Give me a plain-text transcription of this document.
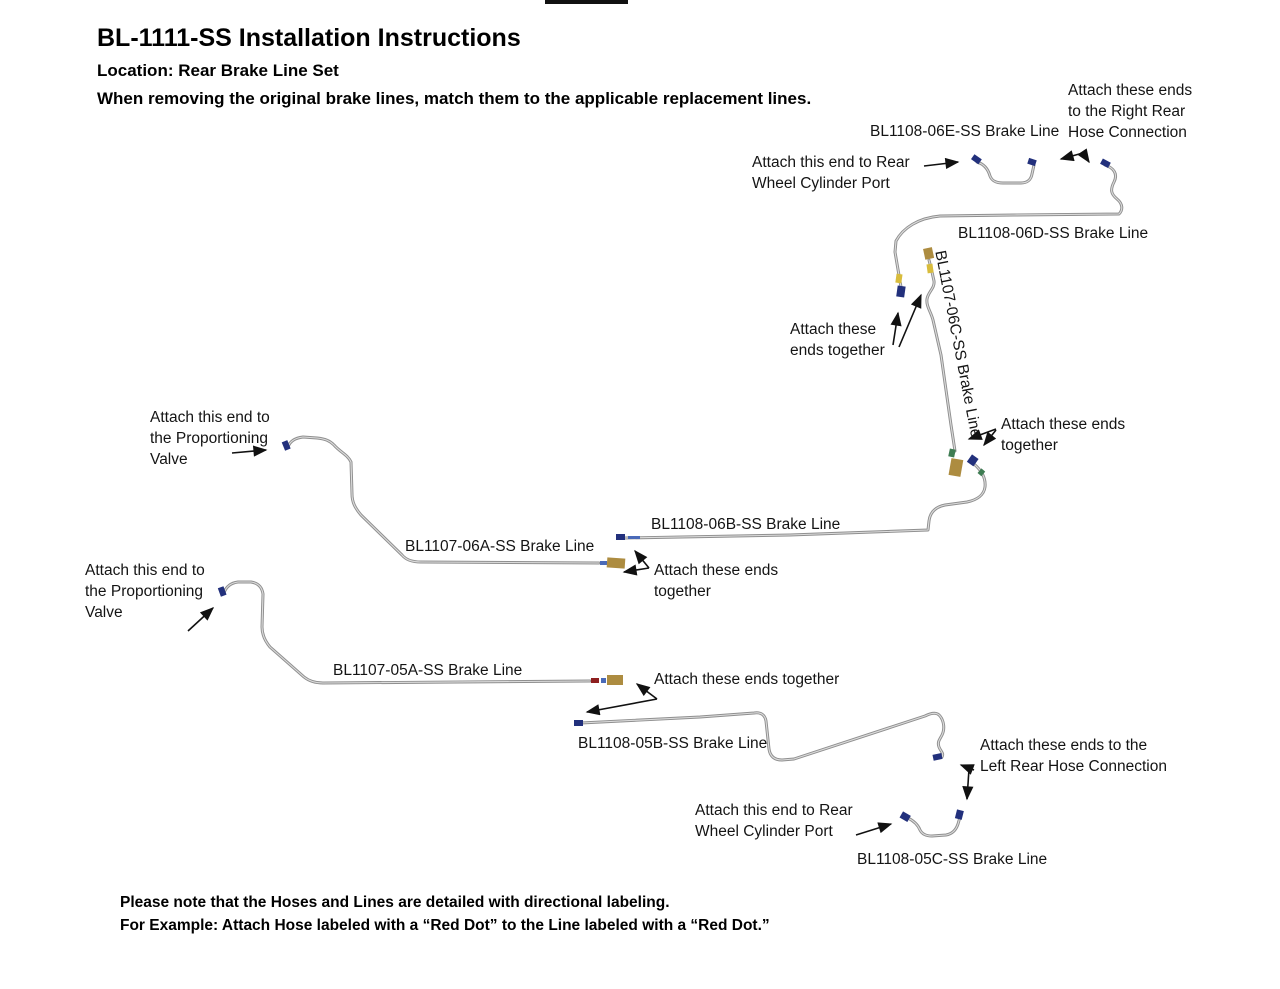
BL-1111-SS Installation Instructions
Location: Rear Brake Line Set
When removing the original brake lines, match them to the applicable replacement lines.
BL1108-06E-SS Brake Line
BL1108-06D-SS Brake Line
BL1107-06C-SS Brake Line
BL1108-06B-SS Brake Line
BL1107-06A-SS Brake Line
BL1107-05A-SS Brake Line
BL1108-05B-SS Brake Line
BL1108-05C-SS Brake Line
Attach these ends
to the Right Rear
Hose Connection
Attach this end to Rear
Wheel Cylinder Port
Attach these
ends together
Attach these ends
together
Attach this end to
the Proportioning
Valve
Attach these ends
together
Attach this end to
the Proportioning
Valve
Attach these ends together
Attach these ends to the
Left Rear Hose Connection
Attach this end to Rear
Wheel Cylinder Port
Please note that the Hoses and Lines are detailed with directional labeling.
For Example: Attach Hose labeled with a “Red Dot” to the Line labeled with a “Red Dot.”
